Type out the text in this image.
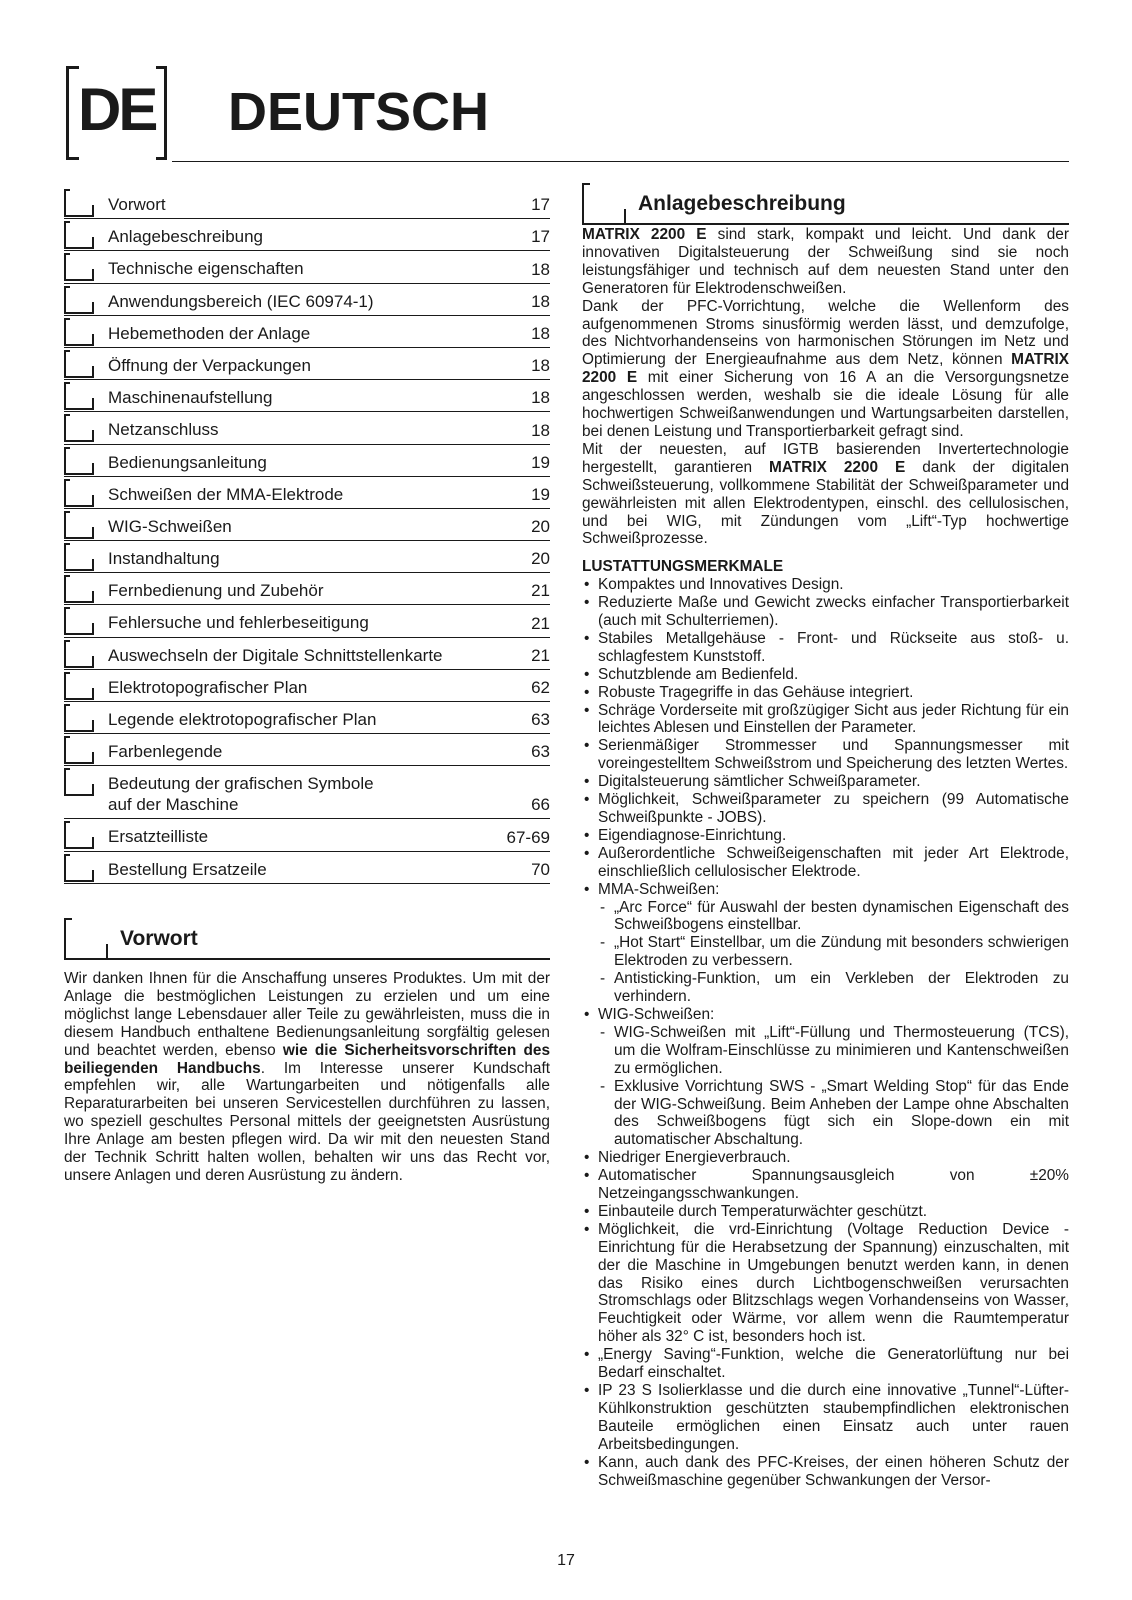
DE DEUTSCH
Vorwort	17
Anlagebeschreibung	17
Technische eigenschaften	18
Anwendungsbereich (IEC 60974-1)	18
Hebemethoden der Anlage	18
Öffnung der Verpackungen	18
Maschinenaufstellung	18
Netzanschluss	18
Bedienungsanleitung	19
Schweißen der MMA-Elektrode	19
WIG-Schweißen	20
Instandhaltung	20
Fernbedienung und Zubehör	21
Fehlersuche und fehlerbeseitigung	21
Auswechseln der Digitale Schnittstellenkarte	21
Elektrotopografischer Plan	62
Legende elektrotopografischer Plan	63
Farbenlegende	63
Bedeutung der grafischen Symbole
auf der Maschine	66
Ersatzteilliste	67-69
Bestellung Ersatzeile	70
Vorwort
Wir danken Ihnen für die Anschaffung unseres Produktes. Um mit der Anlage die bestmöglichen Leistungen zu erzielen und um eine möglichst lange Lebensdauer aller Teile zu gewährleisten, muss die in diesem Handbuch enthaltene Bedienungsanleitung sorgfältig gelesen und beachtet werden, ebenso wie die Sicherheitsvorschriften des beiliegenden Handbuchs. Im Interesse unserer Kundschaft empfehlen wir, alle Wartungarbeiten und nötigenfalls alle Reparaturarbeiten bei unseren Servicestellen durchführen zu lassen, wo speziell geschultes Personal mittels der geeignetsten Ausrüstung Ihre Anlage am besten pflegen wird. Da wir mit den neuesten Stand der Technik Schritt halten wollen, behalten wir uns das Recht vor, unsere Anlagen und deren Ausrüstung zu ändern.
Anlagebeschreibung

MATRIX 2200 E sind stark, kompakt und leicht. Und dank der innovativen Digitalsteuerung der Schweißung sind sie noch leistungsfähiger und technisch auf dem neuesten Stand unter den Generatoren für Elektrodenschweißen.

Dank der PFC-Vorrichtung, welche die Wellenform des aufgenommenen Stroms sinusförmig werden lässt, und demzufolge, des Nichtvorhandenseins von harmonischen Störungen im Netz und Optimierung der Energieaufnahme aus dem Netz, können MATRIX 2200 E mit einer Sicherung von 16 A an die Versorgungsnetze angeschlossen werden, weshalb sie die ideale Lösung für alle hochwertigen Schweißanwendungen und Wartungsarbeiten darstellen, bei denen Leistung und Transportierbarkeit gefragt sind.

Mit der neuesten, auf IGTB basierenden Invertertechnologie hergestellt, garantieren MATRIX 2200 E dank der digitalen Schweißsteuerung, vollkommene Stabilität der Schweißparameter und gewährleisten mit allen Elektrodentypen, einschl. des cellulosischen, und bei WIG, mit Zündungen vom „Lift“-Typ hochwertige Schweißprozesse.

LUSTATTUNGSMERKMALE

• Kompaktes und Innovatives Design.
• Reduzierte Maße und Gewicht zwecks einfacher Transportierbarkeit (auch mit Schulterriemen).
• Stabiles Metallgehäuse - Front- und Rückseite aus stoß- u. schlagfestem Kunststoff.
• Schutzblende am Bedienfeld.
• Robuste Tragegriffe in das Gehäuse integriert.
• Schräge Vorderseite mit großzügiger Sicht aus jeder Richtung für ein leichtes Ablesen und Einstellen der Parameter.
• Serienmäßiger Strommesser und Spannungsmesser mit voreingestelltem Schweißstrom und Speicherung des letzten Wertes.
• Digitalsteuerung sämtlicher Schweißparameter.
• Möglichkeit, Schweißparameter zu speichern (99 Automatische Schweißpunkte - JOBS).
• Eigendiagnose-Einrichtung.
• Außerordentliche Schweißeigenschaften mit jeder Art Elektrode, einschließlich cellulosischer Elektrode.
• MMA-Schweißen:
- „Arc Force“ für Auswahl der besten dynamischen Eigenschaft des Schweißbogens einstellbar.
- „Hot Start“ Einstellbar, um die Zündung mit besonders schwierigen Elektroden zu verbessern.
- Antisticking-Funktion, um ein Verkleben der Elektroden zu verhindern.
• WIG-Schweißen:
- WIG-Schweißen mit „Lift“-Füllung und Thermosteuerung (TCS), um die Wolfram-Einschlüsse zu minimieren und Kantenschweißen zu ermöglichen.
- Exklusive Vorrichtung SWS - „Smart Welding Stop“ für das Ende der WIG-Schweißung. Beim Anheben der Lampe ohne Abschalten des Schweißbogens fügt sich ein Slope-down ein mit automatischer Abschaltung.
• Niedriger Energieverbrauch.
• Automatischer Spannungsausgleich von ±20% Netzeingangsschwankungen.
• Einbauteile durch Temperaturwächter geschützt.
• Möglichkeit, die vrd-Einrichtung (Voltage Reduction Device - Einrichtung für die Herabsetzung der Spannung) einzuschalten, mit der die Maschine in Umgebungen benutzt werden kann, in denen das Risiko eines durch Lichtbogenschweißen verursachten Stromschlags oder Blitzschlags wegen Vorhandenseins von Wasser, Feuchtigkeit oder Wärme, vor allem wenn die Raumtemperatur höher als 32° C ist, besonders hoch ist.
• „Energy Saving“-Funktion, welche die Generatorlüftung nur bei Bedarf einschaltet.
• IP 23 S Isolierklasse und die durch eine innovative „Tunnel“-Lüfter-Kühlkonstruktion geschützten staubempfindlichen elektronischen Bauteile ermöglichen einen Einsatz auch unter rauen Arbeitsbedingungen.
• Kann, auch dank des PFC-Kreises, der einen höheren Schutz der Schweißmaschine gegenüber Schwankungen der Versor-
17
